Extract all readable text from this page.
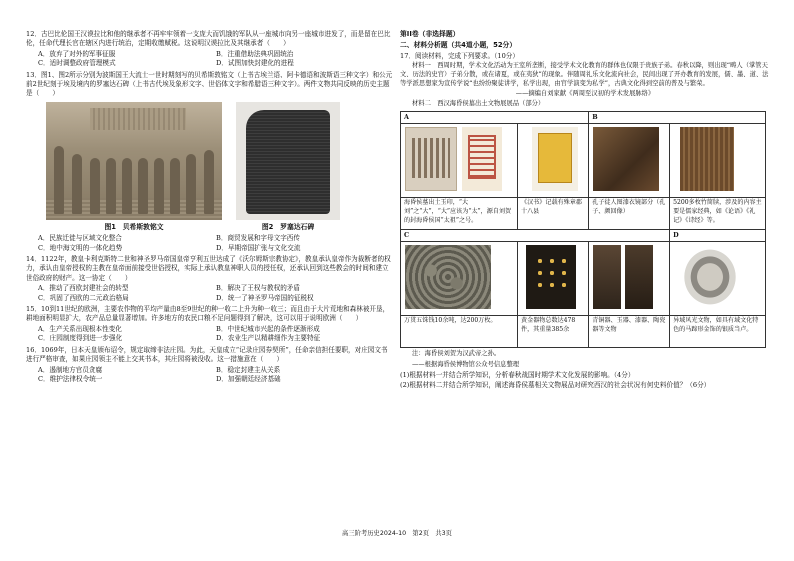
12．古巴比伦国王汉谟拉比和他的继承者不再牢牢领着一支庞大而饥饿的军队从一座城市向另一座城市进发了，而是留在巴比伦，任命代理长官在辖区内进行统治，定期收缴赋税。这说明汉谟拉比及其继承者（　　）

A．放弃了对外的军事征服	B．注重借助法典巩固统治
C．适时调整政府管理模式	D．试图加快封建化的进程

13．图1、图2所示分别为波斯国王大流士一世时期刻写的贝希斯敦铭文（上书古埃兰语、阿卡德语和波斯语三种文字）和公元前2世纪刻于埃及境内的罗塞达石碑（上书古代埃及象形文字、世俗体文字和希腊语三种文字）。两件文物共同反映的历史主题是（　　）

图1　贝希斯敦铭文	图2　罗塞达石碑
A．民族迁徙与区域文化整合	B．商贸发展和字母文字西传
C．地中海文明的一体化趋势	D．早期帝国扩张与文化交流

14．1122年，教皇卡利克斯特二世和神圣罗马帝国皇帝亨利五世达成了《沃尔姆斯宗教协定》，教皇承认皇帝作为裁断者的权力，承认由皇帝授权的主教在皇帝面前接受世俗授权，实际上承认教皇神职人员的授任权，还承认回到这些教会的时间和建立世俗政府的财产。这一协定（　　）

A．推动了西欧封建社会的转型	B．解决了王权与教权的矛盾
C．巩固了西欧的二元政治格局	D．统一了神圣罗马帝国的征税权

15．10到11世纪的欧洲，主要农作物的平均产量由8至9世纪的种一收二上升为种一收三；而且由于大片荒地和森林被开垦，耕地面积明显扩大，农产品总量显著增加。许多地方的农民口粮不足问题得到了解决，这可以用于说明欧洲（　　）

A．生产关系出现根本性变化	B．中世纪城市兴起的条件逐渐形成
C．庄园制度得到进一步强化	D．农业生产以精耕细作为主要特征

16．1069年，日本天皇颁布诏令，规定取缔非法庄园。为此，天皇成立“记录庄园券契所”，任命亲信担任要职，对庄园文书进行严格审查，如果庄园领主不能上交其书本，其庄园将被没收。这一措施意在（　　）

A．遏制地方官员贪腐	B．稳定封建主从关系
C．维护法律权令统一	D．加强朝廷经济基础

第II卷（非选择题）

二、材料分析题（共4道小题，52分）

17．阅读材料，完成下列要求。（10分）

材料一　西周时期，学术文化活动为王室所垄断，接受学术文化教育的群体也仅限于贵族子弟。春秋以降，则出现“畴人（掌管天文、历法的史官）子弟分散，或在诸夏，或在夷狄”的现象。伴随周礼乐文化流向社会，民间出现了开办教育的发展，儒、墨、道、法等学派思想家为宣传学说“也纷纷聚徒讲学，私学出现，由官学演变为私学”，古典文化得到空前的普及与繁荣。

——摘编自刘家献《两周至汉初的学术发展脉络》

材料二　西汉海昏侯墓出土文物展展品（部分）

A		B	

海昏侯墓出土玉印，“大刘”之“大”，“大”应该为“太”，源自刘贺的封海昏侯国“太祖”之号。	《汉书》记载有殊章郡十八县	孔子徒人图漆衣镜部分（孔子、颜回像）	5200多枚竹简牍，涉及的内容主要是儒家经典，如《论语》《礼记》《诗经》等。
C			D

万贯五铢钱10余吨，达200万枚。	黄金器物总数达478件，其重量385余	青铜器、玉器、漆器、陶瓷器等文物	异域风光文物，如具有域文化特色的马蹄形金饰的银质当卢。

注：海昏侯刘贺为汉武帝之孙。

——根据海昏侯博物馆公众号信息整理

(1)根据材料一并结合所学知识，分析春秋战国时期学术文化发展的影响。（4分）

(2)根据材料二并结合所学知识，阐述海昏侯墓相关文物展品对研究西汉的社会状况有何史料价值？（6分）

高三阶考历史2024-10　第2页　共3页
